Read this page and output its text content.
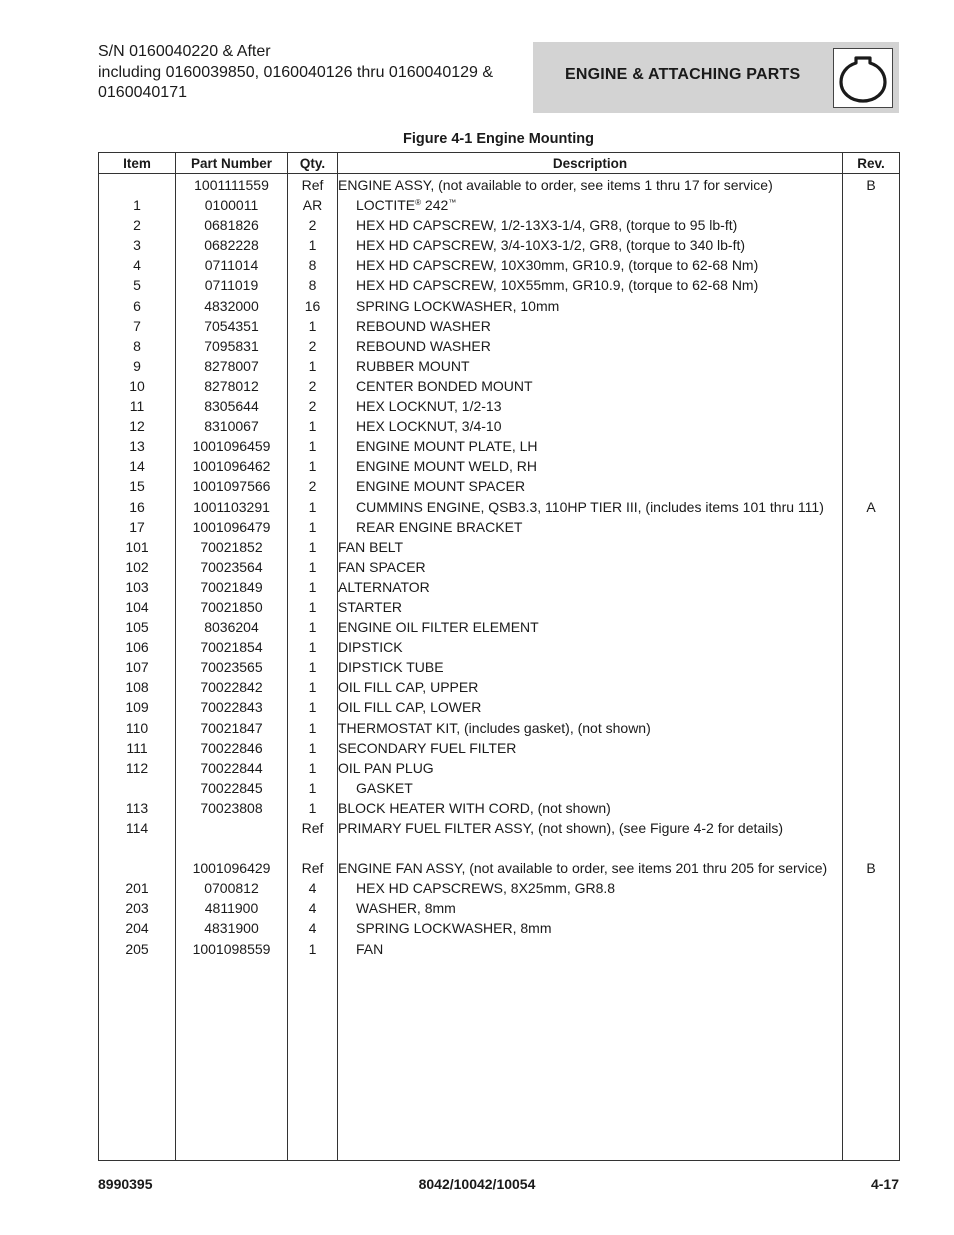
S/N 0160040220 & After
including 0160039850, 0160040126 thru 0160040129 &
0160040171
ENGINE & ATTACHING PARTS
Figure 4-1 Engine Mounting
Item	Part Number	Qty.	Description	Rev.
	1001111559	Ref	ENGINE ASSY, (not available to order, see items 1 thru 17 for service)	B
1	0100011	AR	LOCTITE® 242™	
2	0681826	2	HEX HD CAPSCREW, 1/2-13X3-1/4, GR8, (torque to 95 lb-ft)	
3	0682228	1	HEX HD CAPSCREW, 3/4-10X3-1/2, GR8, (torque to 340 lb-ft)	
4	0711014	8	HEX HD CAPSCREW, 10X30mm, GR10.9, (torque to 62-68 Nm)	
5	0711019	8	HEX HD CAPSCREW, 10X55mm, GR10.9, (torque to 62-68 Nm)	
6	4832000	16	SPRING LOCKWASHER, 10mm	
7	7054351	1	REBOUND WASHER	
8	7095831	2	REBOUND WASHER	
9	8278007	1	RUBBER MOUNT	
10	8278012	2	CENTER BONDED MOUNT	
11	8305644	2	HEX LOCKNUT, 1/2-13	
12	8310067	1	HEX LOCKNUT, 3/4-10	
13	1001096459	1	ENGINE MOUNT PLATE, LH	
14	1001096462	1	ENGINE MOUNT WELD, RH	
15	1001097566	2	ENGINE MOUNT SPACER	
16	1001103291	1	CUMMINS ENGINE, QSB3.3, 110HP TIER III, (includes items 101 thru 111)	A
17	1001096479	1	REAR ENGINE BRACKET	
101	70021852	1	FAN BELT	
102	70023564	1	FAN SPACER	
103	70021849	1	ALTERNATOR	
104	70021850	1	STARTER	
105	8036204	1	ENGINE OIL FILTER ELEMENT	
106	70021854	1	DIPSTICK	
107	70023565	1	DIPSTICK TUBE	
108	70022842	1	OIL FILL CAP, UPPER	
109	70022843	1	OIL FILL CAP, LOWER	
110	70021847	1	THERMOSTAT KIT, (includes gasket), (not shown)	
111	70022846	1	SECONDARY FUEL FILTER	
112	70022844	1	OIL PAN PLUG	
	70022845	1	GASKET	
113	70023808	1	BLOCK HEATER WITH CORD, (not shown)	
114		Ref	PRIMARY FUEL FILTER ASSY, (not shown), (see Figure 4-2 for details)	

	1001096429	Ref	ENGINE FAN ASSY, (not available to order, see items 201 thru 205 for service)	B
201	0700812	4	HEX HD CAPSCREWS, 8X25mm, GR8.8	
203	4811900	4	WASHER, 8mm	
204	4831900	4	SPRING LOCKWASHER, 8mm	
205	1001098559	1	FAN	

8990395	8042/10042/10054	4-17
